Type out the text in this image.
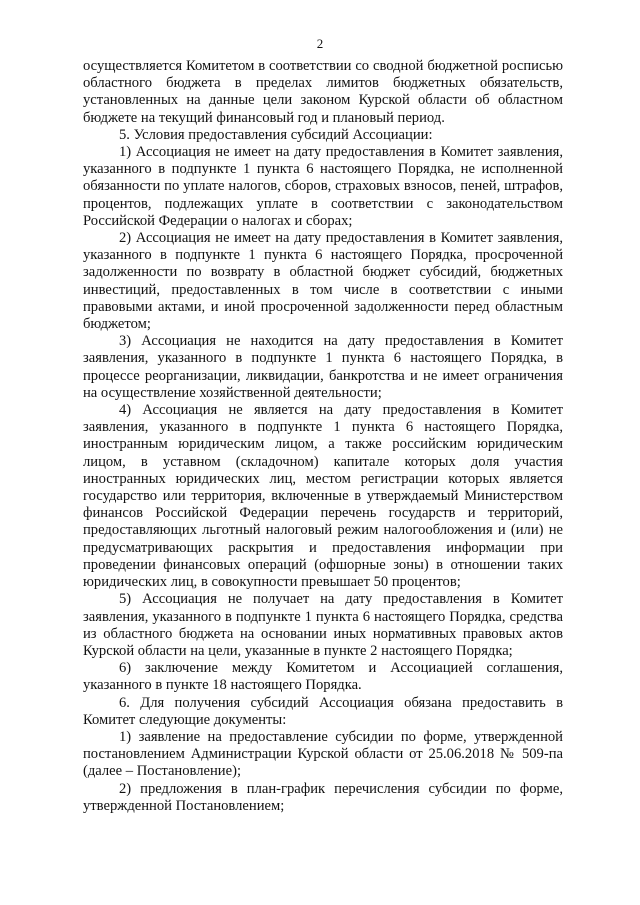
2

осуществляется Комитетом в соответствии со сводной бюджетной росписью областного бюджета в пределах лимитов бюджетных обязательств, установленных на данные цели законом Курской области об областном бюджете на текущий финансовый год и плановый период.

5. Условия предоставления субсидий Ассоциации:

1) Ассоциация не имеет на дату предоставления в Комитет заявления, указанного в подпункте 1 пункта 6 настоящего Порядка, не исполненной обязанности по уплате налогов, сборов, страховых взносов, пеней, штрафов, процентов, подлежащих уплате в соответствии с законодательством Российской Федерации о налогах и сборах;

2) Ассоциация не имеет на дату предоставления в Комитет заявления, указанного в подпункте 1 пункта 6 настоящего Порядка, просроченной задолженности по возврату в областной бюджет субсидий, бюджетных инвестиций, предоставленных в том числе в соответствии с иными правовыми актами, и иной просроченной задолженности перед областным бюджетом;

3) Ассоциация не находится на дату предоставления в Комитет заявления, указанного в подпункте 1 пункта 6 настоящего Порядка, в процессе реорганизации, ликвидации, банкротства и не имеет ограничения на осуществление хозяйственной деятельности;

4) Ассоциация не является на дату предоставления в Комитет заявления, указанного в подпункте 1 пункта 6 настоящего Порядка, иностранным юридическим лицом, а также российским юридическим лицом, в уставном (складочном) капитале которых доля участия иностранных юридических лиц, местом регистрации которых является государство или территория, включенные в утверждаемый Министерством финансов Российской Федерации перечень государств и территорий, предоставляющих льготный налоговый режим налогообложения и (или) не предусматривающих раскрытия и предоставления информации при проведении финансовых операций (офшорные зоны) в отношении таких юридических лиц, в совокупности превышает 50 процентов;

5) Ассоциация не получает на дату предоставления в Комитет заявления, указанного в подпункте 1 пункта 6 настоящего Порядка, средства из областного бюджета на основании иных нормативных правовых актов Курской области на цели, указанные в пункте 2 настоящего Порядка;

6) заключение между Комитетом и Ассоциацией соглашения, указанного в пункте 18 настоящего Порядка.

6. Для получения субсидий Ассоциация обязана предоставить в Комитет следующие документы:

1) заявление на предоставление субсидии по форме, утвержденной постановлением Администрации Курской области от 25.06.2018 № 509-па (далее – Постановление);

2) предложения в план-график перечисления субсидии по форме, утвержденной Постановлением;
